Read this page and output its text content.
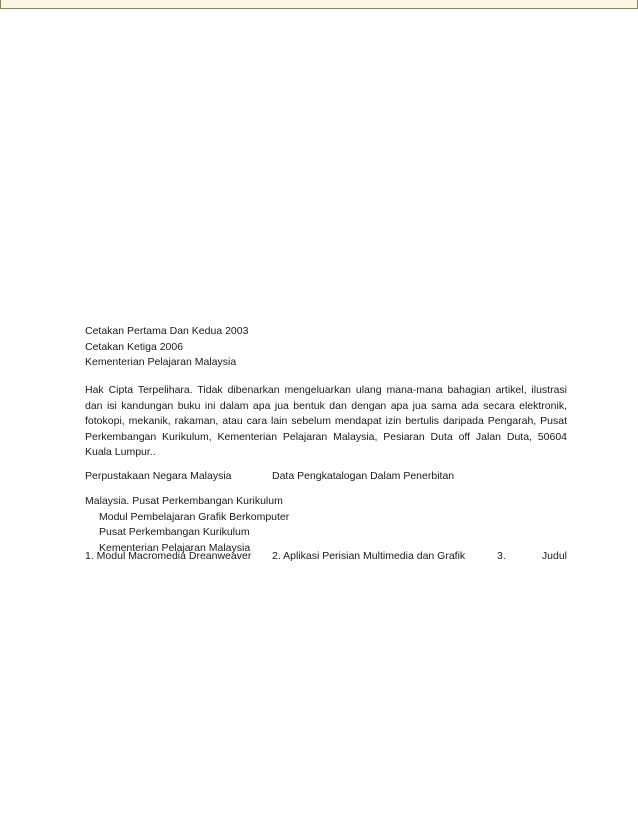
Cetakan Pertama Dan Kedua 2003
Cetakan Ketiga 2006
Kementerian Pelajaran Malaysia
Hak Cipta Terpelihara. Tidak dibenarkan mengeluarkan ulang mana-mana bahagian artikel, ilustrasi dan isi kandungan buku ini dalam apa jua bentuk dan dengan apa jua sama ada secara elektronik, fotokopi, mekanik, rakaman, atau cara lain sebelum mendapat izin bertulis daripada Pengarah, Pusat Perkembangan Kurikulum, Kementerian Pelajaran Malaysia, Pesiaran Duta off Jalan Duta, 50604 Kuala Lumpur..
Perpustakaan Negara Malaysia	Data Pengkatalogan Dalam Penerbitan
Malaysia. Pusat Perkembangan Kurikulum
Modul Pembelajaran Grafik Berkomputer
Pusat Perkembangan Kurikulum
Kementerian Pelajaran Malaysia
1. Modul Macromedia Dreanweaver 2. Aplikasi Perisian Multimedia dan Grafik	3.	Judul
